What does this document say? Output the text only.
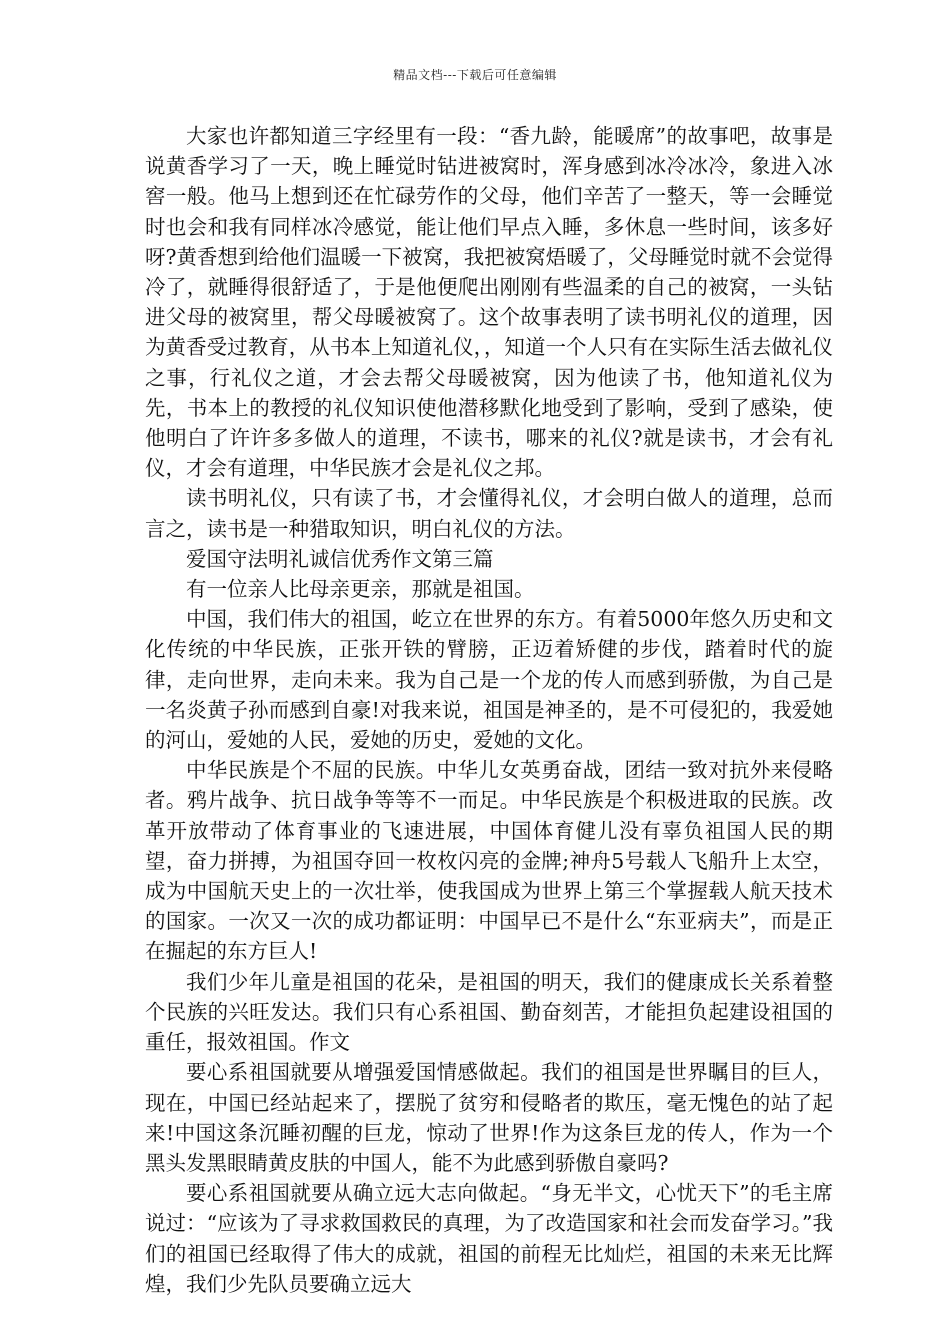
精品文档---下载后可任意编辑

大家也许都知道三字经里有一段：“香九龄，能暖席”的故事吧，故事是说黄香学习了一天，晚上睡觉时钻进被窝时，浑身感到冰冷冰冷，象进入冰窖一般。他马上想到还在忙碌劳作的父母，他们辛苦了一整天，等一会睡觉时也会和我有同样冰冷感觉，能让他们早点入睡，多休息一些时间，该多好呀?黄香想到给他们温暖一下被窝，我把被窝焐暖了，父母睡觉时就不会觉得冷了，就睡得很舒适了，于是他便爬出刚刚有些温柔的自己的被窝，一头钻进父母的被窝里，帮父母暖被窝了。这个故事表明了读书明礼仪的道理，因为黄香受过教育，从书本上知道礼仪，，知道一个人只有在实际生活去做礼仪之事，行礼仪之道，才会去帮父母暖被窝，因为他读了书，他知道礼仪为先，书本上的教授的礼仪知识使他潜移默化地受到了影响，受到了感染，使他明白了许许多多做人的道理，不读书，哪来的礼仪?就是读书，才会有礼仪，才会有道理，中华民族才会是礼仪之邦。

读书明礼仪，只有读了书，才会懂得礼仪，才会明白做人的道理，总而言之，读书是一种猎取知识，明白礼仪的方法。

爱国守法明礼诚信优秀作文第三篇

有一位亲人比母亲更亲，那就是祖国。

中国，我们伟大的祖国，屹立在世界的东方。有着5000年悠久历史和文化传统的中华民族，正张开铁的臂膀，正迈着矫健的步伐，踏着时代的旋律，走向世界，走向未来。我为自己是一个龙的传人而感到骄傲，为自己是一名炎黄子孙而感到自豪!对我来说，祖国是神圣的，是不可侵犯的，我爱她的河山，爱她的人民，爱她的历史，爱她的文化。

中华民族是个不屈的民族。中华儿女英勇奋战，团结一致对抗外来侵略者。鸦片战争、抗日战争等等不一而足。中华民族是个积极进取的民族。改革开放带动了体育事业的飞速进展，中国体育健儿没有辜负祖国人民的期望，奋力拼搏，为祖国夺回一枚枚闪亮的金牌;神舟5号载人飞船升上太空，成为中国航天史上的一次壮举，使我国成为世界上第三个掌握载人航天技术的国家。一次又一次的成功都证明：中国早已不是什么“东亚病夫”，而是正在掘起的东方巨人!

我们少年儿童是祖国的花朵，是祖国的明天，我们的健康成长关系着整个民族的兴旺发达。我们只有心系祖国、勤奋刻苦，才能担负起建设祖国的重任，报效祖国。作文

要心系祖国就要从增强爱国情感做起。我们的祖国是世界瞩目的巨人，现在，中国已经站起来了，摆脱了贫穷和侵略者的欺压，毫无愧色的站了起来!中国这条沉睡初醒的巨龙，惊动了世界!作为这条巨龙的传人，作为一个黑头发黑眼睛黄皮肤的中国人，能不为此感到骄傲自豪吗?

要心系祖国就要从确立远大志向做起。“身无半文，心忧天下”的毛主席说过：“应该为了寻求救国救民的真理，为了改造国家和社会而发奋学习。”我们的祖国已经取得了伟大的成就，祖国的前程无比灿烂，祖国的未来无比辉煌，我们少先队员要确立远大
